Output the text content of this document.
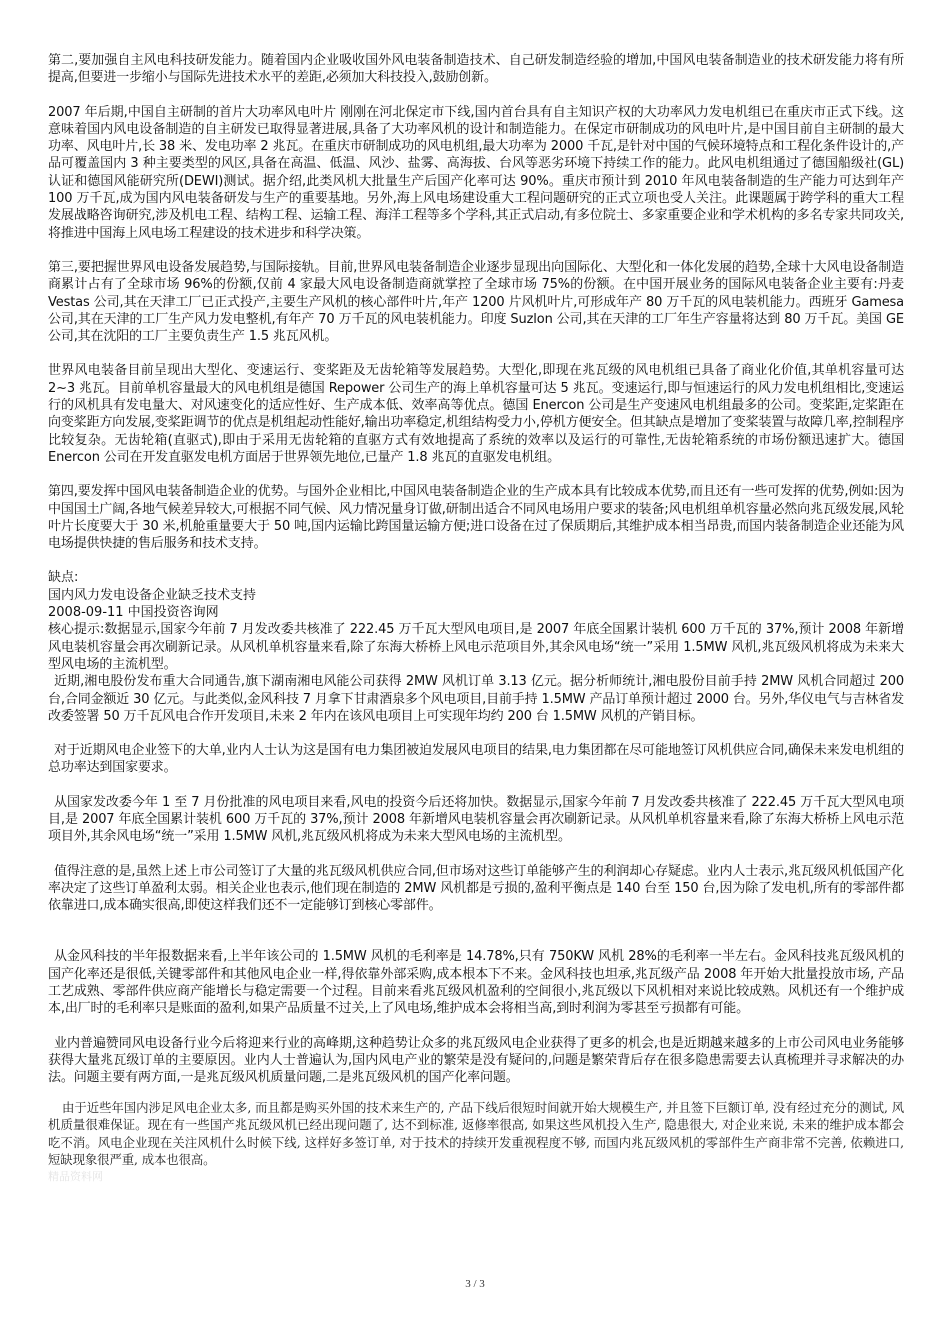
第二,要加强自主风电科技研发能力。随着国内企业吸收国外风电装备制造技术、自己研发制造经验的增加,中国风电装备制造业的技术研发能力将有所提高,但要进一步缩小与国际先进技术水平的差距,必须加大科技投入,鼓励创新。

2007 年后期,中国自主研制的首片大功率风电叶片 刚刚在河北保定市下线,国内首台具有自主知识产权的大功率风力发电机组已在重庆市正式下线。这意味着国内风电设备制造的自主研发已取得显著进展,具备了大功率风机的设计和制造能力。在保定市研制成功的风电叶片,是中国目前自主研制的最大功率、风电叶片,长 38 米、发电功率 2 兆瓦。在重庆市研制成功的风电机组,最大功率为 2000 千瓦,是针对中国的气候环境特点和工程化条件设计的,产品可覆盖国内 3 种主要类型的风区,具备在高温、低温、风沙、盐雾、高海拔、台风等恶劣环境下持续工作的能力。此风电机组通过了德国船级社(GL)认证和德国风能研究所(DEWI)测试。据介绍,此类风机大批量生产后国产化率可达 90%。重庆市预计到 2010 年风电装备制造的生产能力可达到年产 100 万千瓦,成为国内风电装备研发与生产的重要基地。另外,海上风电场建设重大工程问题研究的正式立项也受人关注。此课题属于跨学科的重大工程发展战略咨询研究,涉及机电工程、结构工程、运输工程、海洋工程等多个学科,其正式启动,有多位院士、多家重要企业和学术机构的多名专家共同攻关,将推进中国海上风电场工程建设的技术进步和科学决策。

第三,要把握世界风电设备发展趋势,与国际接轨。目前,世界风电装备制造企业逐步显现出向国际化、大型化和一体化发展的趋势,全球十大风电设备制造商累计占有了全球市场 96%的份额,仅前 4 家最大风电设备制造商就掌控了全球市场 75%的份额。在中国开展业务的国际风电装备企业主要有:丹麦 Vestas 公司,其在天津工厂已正式投产,主要生产风机的核心部件叶片,年产 1200 片风机叶片,可形成年产 80 万千瓦的风电装机能力。西班牙 Gamesa 公司,其在天津的工厂生产风力发电整机,有年产 70 万千瓦的风电装机能力。印度 Suzlon 公司,其在天津的工厂年生产容量将达到 80 万千瓦。美国 GE 公司,其在沈阳的工厂主要负责生产 1.5 兆瓦风机。

世界风电装备目前呈现出大型化、变速运行、变桨距及无齿轮箱等发展趋势。大型化,即现在兆瓦级的风电机组已具备了商业化价值,其单机容量可达 2~3 兆瓦。目前单机容量最大的风电机组是德国 Repower 公司生产的海上单机容量可达 5 兆瓦。变速运行,即与恒速运行的风力发电机组相比,变速运行的风机具有发电量大、对风速变化的适应性好、生产成本低、效率高等优点。德国 Enercon 公司是生产变速风电机组最多的公司。变桨距,定桨距在向变桨距方向发展,变桨距调节的优点是机组起动性能好,输出功率稳定,机组结构受力小,停机方便安全。但其缺点是增加了变桨装置与故障几率,控制程序比较复杂。无齿轮箱(直驱式),即由于采用无齿轮箱的直驱方式有效地提高了系统的效率以及运行的可靠性,无齿轮箱系统的市场份额迅速扩大。德国 Enercon 公司在开发直驱发电机方面居于世界领先地位,已量产 1.8 兆瓦的直驱发电机组。

第四,要发挥中国风电装备制造企业的优势。与国外企业相比,中国风电装备制造企业的生产成本具有比较成本优势,而且还有一些可发挥的优势,例如:因为中国国土广阔,各地气候差异较大,可根据不同气候、风力情况量身订做,研制出适合不同风电场用户要求的装备;风电机组单机容量必然向兆瓦级发展,风轮叶片长度要大于 30 米,机舱重量要大于 50 吨,国内运输比跨国量运输方便;进口设备在过了保质期后,其维护成本相当昂贵,而国内装备制造企业还能为风电场提供快捷的售后服务和技术支持。

缺点:

国内风力发电设备企业缺乏技术支持

2008-09-11 中国投资咨询网

核心提示:数据显示,国家今年前 7 月发改委共核准了 222.45 万千瓦大型风电项目,是 2007 年底全国累计装机 600 万千瓦的 37%,预计 2008 年新增风电装机容量会再次刷新记录。从风机单机容量来看,除了东海大桥桥上风电示范项目外,其余风电场“统一”采用 1.5MW 风机,兆瓦级风机将成为未来大型风电场的主流机型。

近期,湘电股份发布重大合同通告,旗下湖南湘电风能公司获得 2MW 风机订单 3.13 亿元。据分析师统计,湘电股份目前手持 2MW 风机合同超过 200 台,合同金额近 30 亿元。与此类似,金风科技 7 月拿下甘肃酒泉多个风电项目,目前手持 1.5MW 产品订单预计超过 2000 台。另外,华仪电气与吉林省发改委签署 50 万千瓦风电合作开发项目,未来 2 年内在该风电项目上可实现年均约 200 台 1.5MW 风机的产销目标。

对于近期风电企业签下的大单,业内人士认为这是国有电力集团被迫发展风电项目的结果,电力集团都在尽可能地签订风机供应合同,确保未来发电机组的总功率达到国家要求。

从国家发改委今年 1 至 7 月份批准的风电项目来看,风电的投资今后还将加快。数据显示,国家今年前 7 月发改委共核准了 222.45 万千瓦大型风电项目,是 2007 年底全国累计装机 600 万千瓦的 37%,预计 2008 年新增风电装机容量会再次刷新记录。从风机单机容量来看,除了东海大桥桥上风电示范项目外,其余风电场“统一”采用 1.5MW 风机,兆瓦级风机将成为未来大型风电场的主流机型。

值得注意的是,虽然上述上市公司签订了大量的兆瓦级风机供应合同,但市场对这些订单能够产生的利润却心存疑虑。业内人士表示,兆瓦级风机低国产化率决定了这些订单盈利太弱。相关企业也表示,他们现在制造的 2MW 风机都是亏损的,盈利平衡点是 140 台至 150 台,因为除了发电机,所有的零部件都依靠进口,成本确实很高,即使这样我们还不一定能够订到核心零部件。

从金风科技的半年报数据来看,上半年该公司的 1.5MW 风机的毛利率是 14.78%,只有 750KW 风机 28%的毛利率一半左右。金风科技兆瓦级风机的国产化率还是很低,关键零部件和其他风电企业一样,得依靠外部采购,成本根本下不来。金风科技也坦承,兆瓦级产品 2008 年开始大批量投放市场, 产品工艺成熟、零部件供应商产能增长与稳定需要一个过程。目前来看兆瓦级风机盈利的空间很小,兆瓦级以下风机相对来说比较成熟。风机还有一个维护成本,出厂时的毛利率只是账面的盈利,如果产品质量不过关,上了风电场,维护成本会将相当高,到时利润为零甚至亏损都有可能。

业内普遍赞同风电设备行业今后将迎来行业的高峰期,这种趋势让众多的兆瓦级风电企业获得了更多的机会,也是近期越来越多的上市公司风电业务能够获得大量兆瓦级订单的主要原因。业内人士普遍认为,国内风电产业的繁荣是没有疑问的,问题是繁荣背后存在很多隐患需要去认真梳理并寻求解决的办法。问题主要有两方面,一是兆瓦级风机质量问题,二是兆瓦级风机的国产化率问题。

由于近些年国内涉足风电企业太多, 而且都是购买外国的技术来生产的, 产品下线后很短时间就开始大规模生产, 并且签下巨额订单, 没有经过充分的测试, 风机质量很难保证。现在有一些国产兆瓦级风机已经出现问题了, 达不到标准, 返修率很高, 如果这些风机投入生产, 隐患很大, 对企业来说, 未来的维护成本都会吃不消。风电企业现在关注风机什么时候下线, 这样好多签订单, 对于技术的持续开发重视程度不够, 而国内兆瓦级风机的零部件生产商非常不完善, 依赖进口, 短缺现象很严重, 成本也很高。

精品资料网

3 / 3
